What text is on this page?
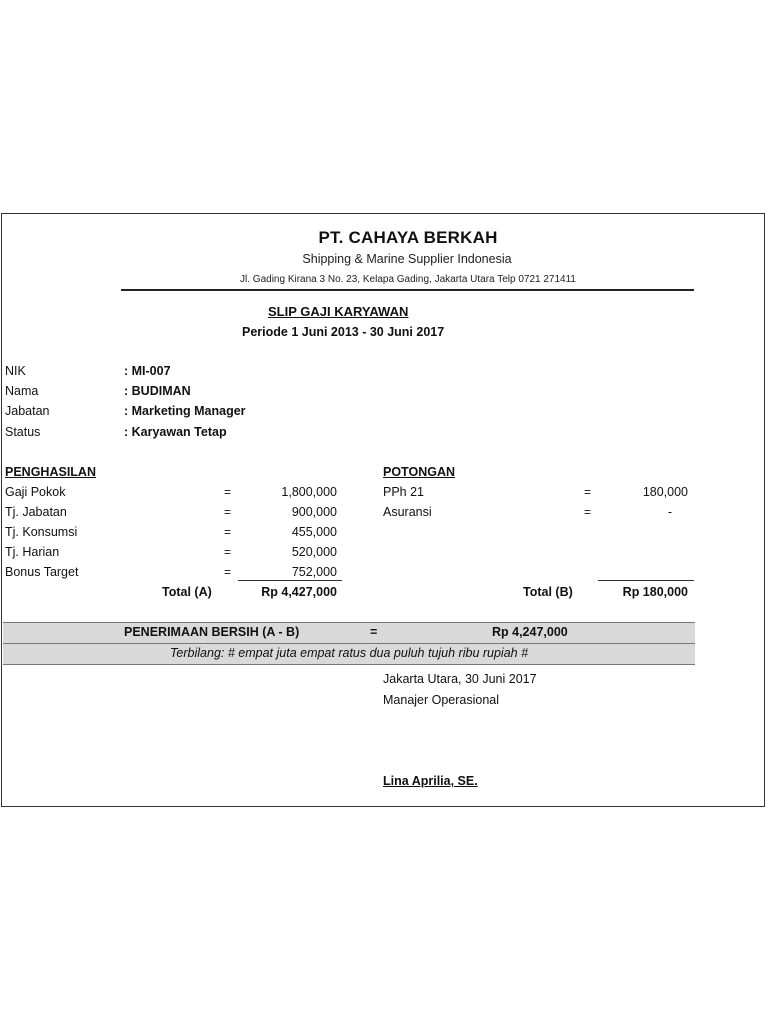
PT. CAHAYA BERKAH
Shipping & Marine Supplier Indonesia
Jl. Gading Kirana 3 No. 23, Kelapa Gading, Jakarta Utara Telp 0721 271411
SLIP GAJI KARYAWAN
Periode 1 Juni 2013 - 30 Juni 2017
NIK	: MI-007
Nama	: BUDIMAN
Jabatan	: Marketing Manager
Status	: Karyawan Tetap
PENGHASILAN
Gaji Pokok	=	1,800,000
Tj. Jabatan	=	900,000
Tj. Konsumsi	=	455,000
Tj. Harian	=	520,000
Bonus Target	=	752,000
Total (A)	Rp 4,427,000
POTONGAN
PPh 21	=	180,000
Asuransi	=	-
Total (B)	Rp 180,000
PENERIMAAN BERSIH (A - B)	=	Rp 4,247,000
Terbilang: # empat juta empat ratus dua puluh tujuh ribu rupiah #
Jakarta Utara, 30 Juni 2017
Manajer Operasional
Lina Aprilia, SE.
